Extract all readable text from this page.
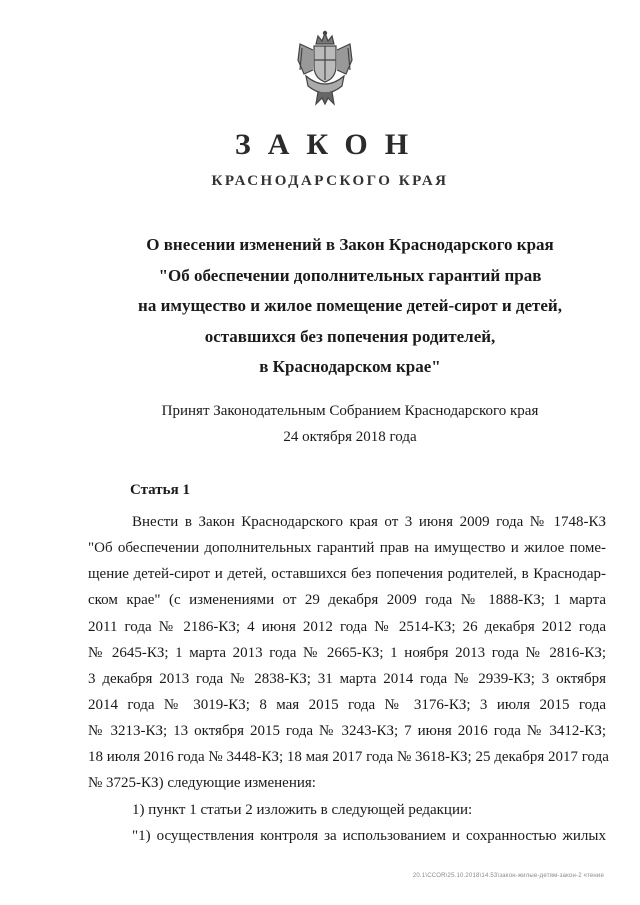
ЗАКОН
КРАСНОДАРСКОГО КРАЯ
О внесении изменений в Закон Краснодарского края
"Об обеспечении дополнительных гарантий прав
на имущество и жилое помещение детей-сирот и детей,
оставшихся без попечения родителей,
в Краснодарском крае"
Принят Законодательным Собранием Краснодарского края
24 октября 2018 года
Статья 1
Внести в Закон Краснодарского края от 3 июня 2009 года № 1748-КЗ
"Об обеспечении дополнительных гарантий прав на имущество и жилое поме-
щение детей-сирот и детей, оставшихся без попечения родителей, в Краснодар-
ском крае" (с изменениями от 29 декабря 2009 года № 1888-КЗ; 1 марта
2011 года № 2186-КЗ; 4 июня 2012 года № 2514-КЗ; 26 декабря 2012 года
№ 2645-КЗ; 1 марта 2013 года № 2665-КЗ; 1 ноября 2013 года № 2816-КЗ;
3 декабря 2013 года № 2838-КЗ; 31 марта 2014 года № 2939-КЗ; 3 октября
2014 года № 3019-КЗ; 8 мая 2015 года № 3176-КЗ; 3 июля 2015 года
№ 3213-КЗ; 13 октября 2015 года № 3243-КЗ; 7 июня 2016 года № 3412-КЗ;
18 июля 2016 года № 3448-КЗ; 18 мая 2017 года № 3618-КЗ; 25 декабря 2017 года
№ 3725-КЗ) следующие изменения:
1) пункт 1 статьи 2 изложить в следующей редакции:
"1) осуществления контроля за использованием и сохранностью жилых
20.1\CCOR\25.10.2018\14.53\закон-жилые-детям-закон-2 чтение
